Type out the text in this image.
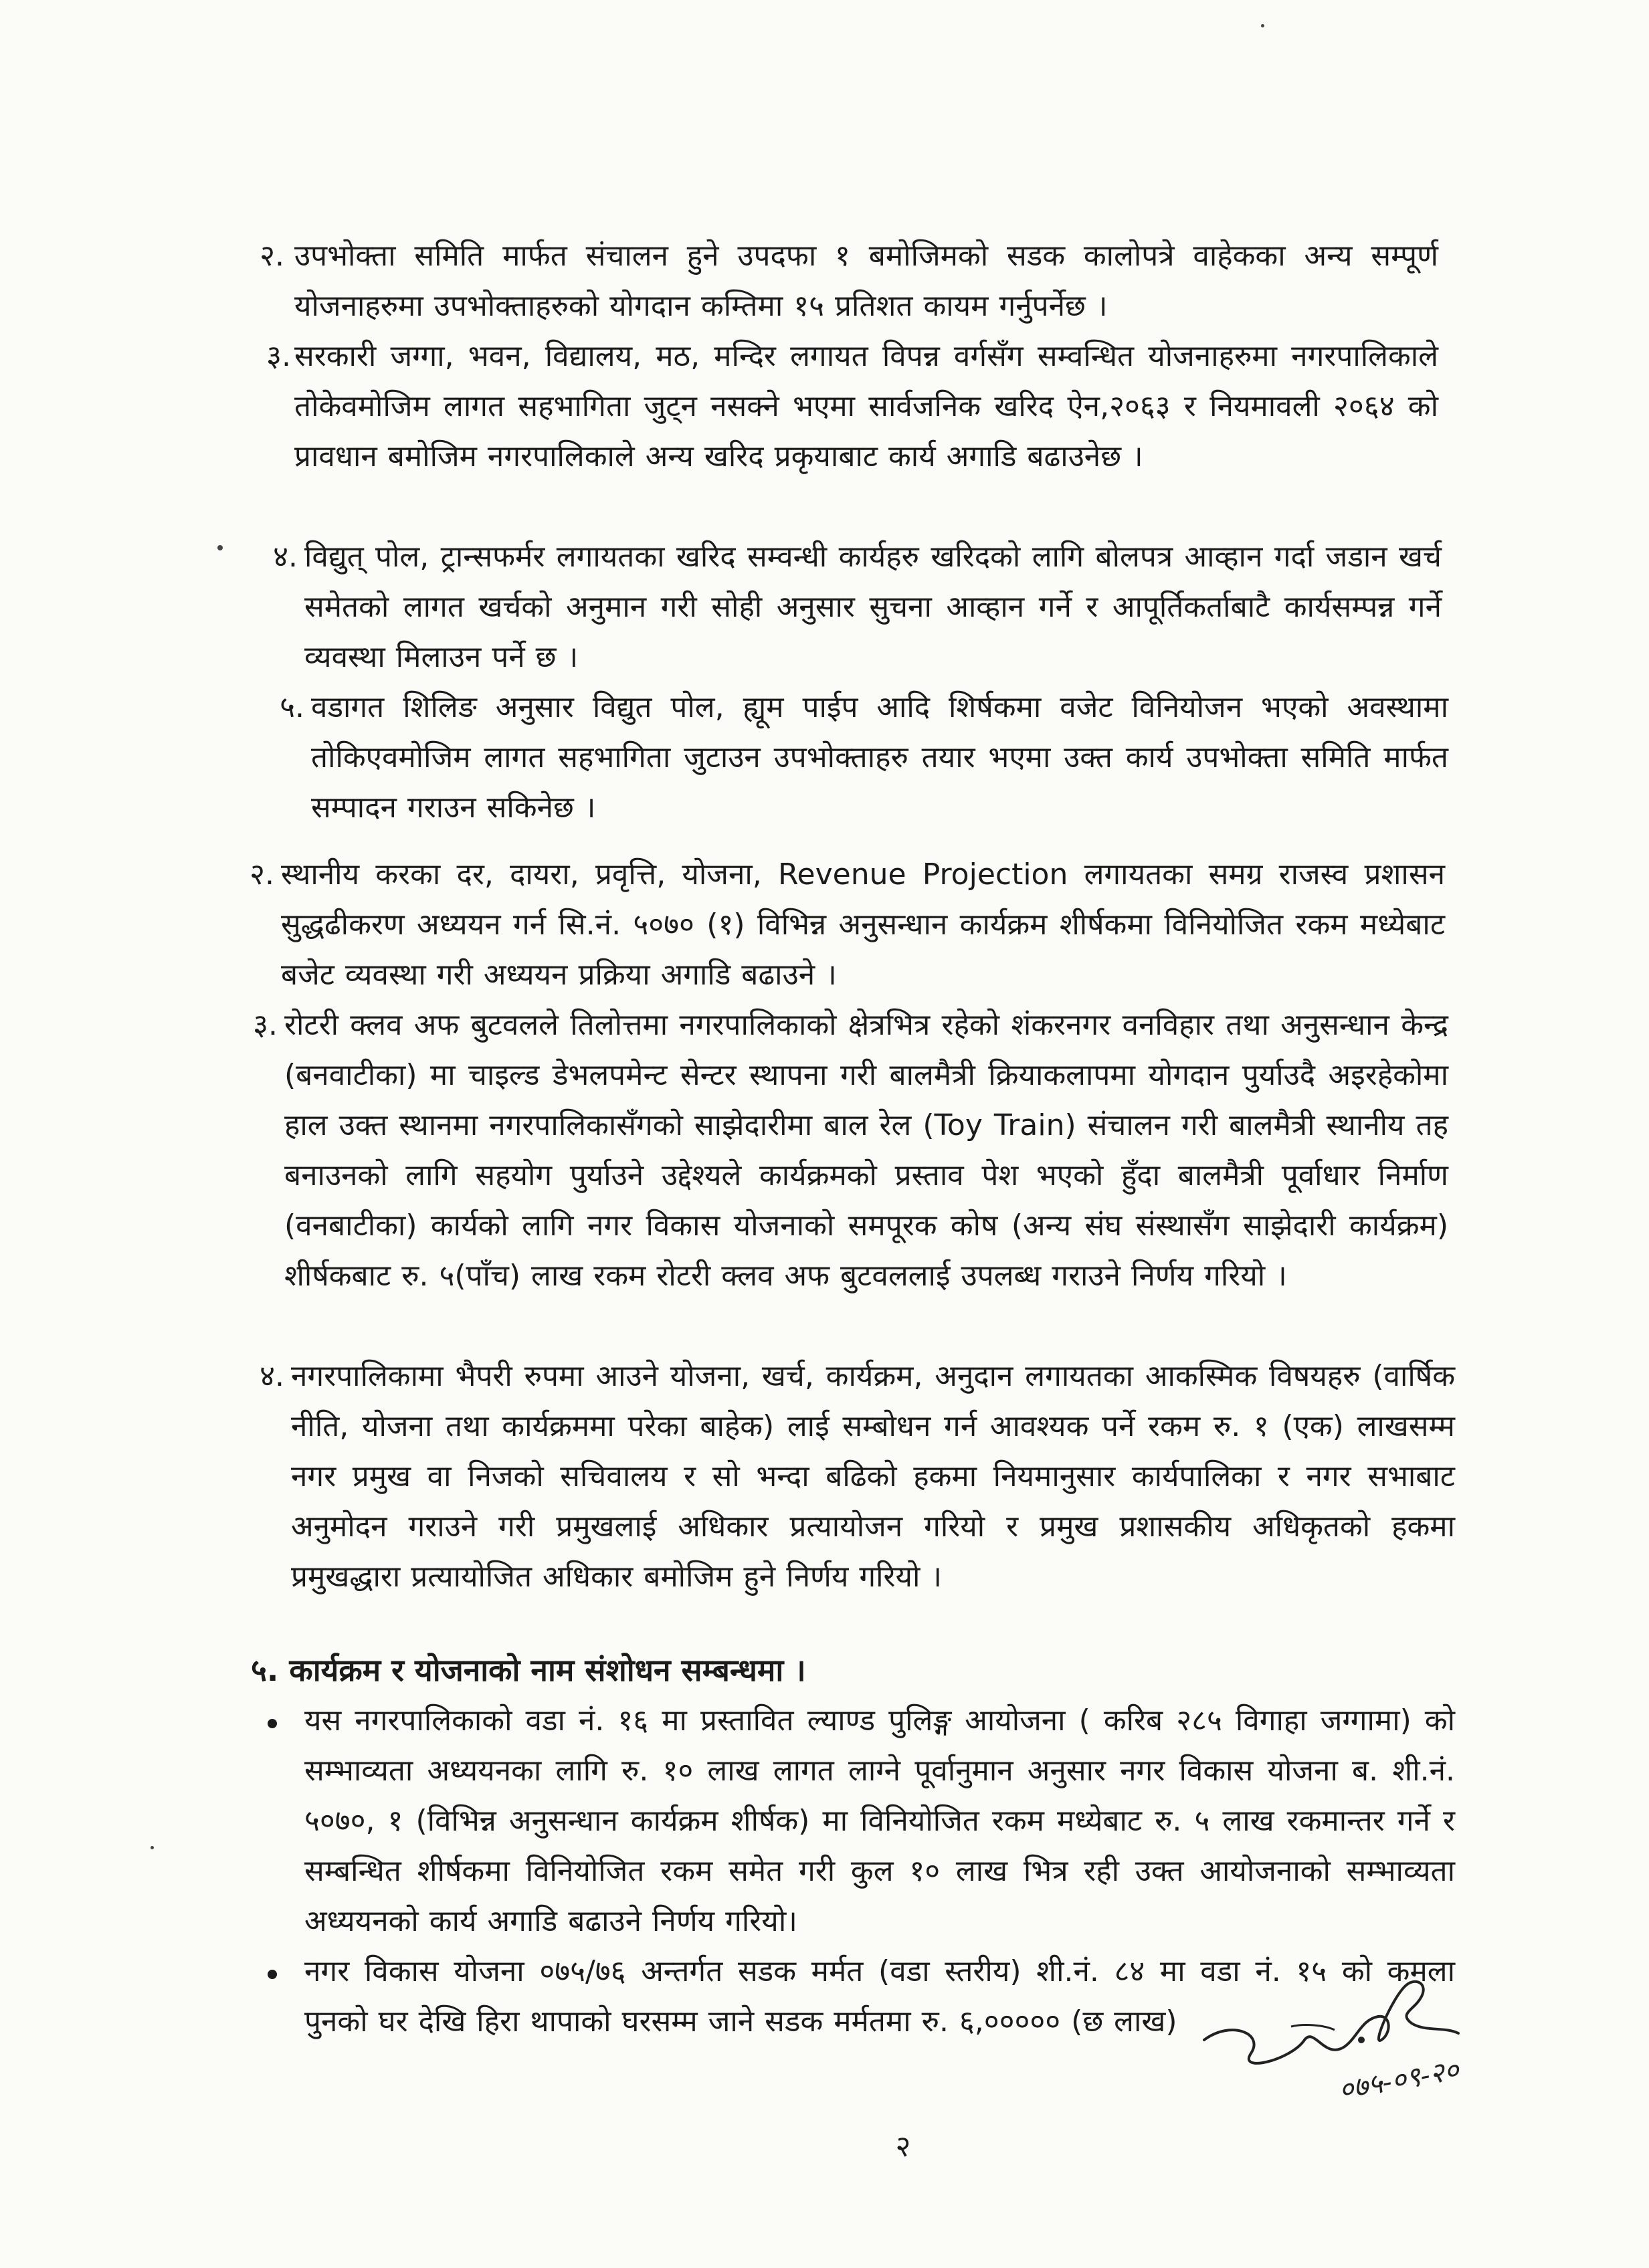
२. उपभोक्ता समिति मार्फत संचालन हुने उपदफा १ बमोजिमको सडक कालोपत्रे वाहेकका अन्य सम्पूर्ण योजनाहरुमा उपभोक्ताहरुको योगदान कम्तिमा १५ प्रतिशत कायम गर्नुपर्नेछ ।
३. सरकारी जग्गा, भवन, विद्यालय, मठ, मन्दिर लगायत विपन्न वर्गसँग सम्वन्धित योजनाहरुमा नगरपालिकाले तोकेवमोजिम लागत सहभागिता जुट्न नसक्ने भएमा सार्वजनिक खरिद ऐन,२०६३ र नियमावली २०६४ को प्रावधान बमोजिम नगरपालिकाले अन्य खरिद प्रकृयाबाट कार्य अगाडि बढाउनेछ ।
४. विद्युत् पोल, ट्रान्सफर्मर लगायतका खरिद सम्वन्धी कार्यहरु खरिदको लागि बोलपत्र आव्हान गर्दा जडान खर्च समेतको लागत खर्चको अनुमान गरी सोही अनुसार सुचना आव्हान गर्ने र आपूर्तिकर्ताबाटै कार्यसम्पन्न गर्ने व्यवस्था मिलाउन पर्ने छ ।
५. वडागत शिलिङ अनुसार विद्युत पोल, ह्यूम पाईप आदि शिर्षकमा वजेट विनियोजन भएको अवस्थामा तोकिएवमोजिम लागत सहभागिता जुटाउन उपभोक्ताहरु तयार भएमा उक्त कार्य उपभोक्ता समिति मार्फत सम्पादन गराउन सकिनेछ ।
२. स्थानीय करका दर, दायरा, प्रवृत्ति, योजना, Revenue Projection लगायतका समग्र राजस्व प्रशासन सुद्धढीकरण अध्ययन गर्न सि.नं. ५०७० (१) विभिन्न अनुसन्धान कार्यक्रम शीर्षकमा विनियोजित रकम मध्येबाट बजेट व्यवस्था गरी अध्ययन प्रक्रिया अगाडि बढाउने ।
३. रोटरी क्लव अफ बुटवलले तिलोत्तमा नगरपालिकाको क्षेत्रभित्र रहेको शंकरनगर वनविहार तथा अनुसन्धान केन्द्र (बनवाटीका) मा चाइल्ड डेभलपमेन्ट सेन्टर स्थापना गरी बालमैत्री क्रियाकलापमा योगदान पुर्याउदै अइरहेकोमा हाल उक्त स्थानमा नगरपालिकासँगको साझेदारीमा बाल रेल (Toy Train) संचालन गरी बालमैत्री स्थानीय तह बनाउनको लागि सहयोग पुर्याउने उद्देश्यले कार्यक्रमको प्रस्ताव पेश भएको हुँदा बालमैत्री पूर्वाधार निर्माण (वनबाटीका) कार्यको लागि नगर विकास योजनाको समपूरक कोष (अन्य संघ संस्थासँग साझेदारी कार्यक्रम) शीर्षकबाट रु. ५(पाँच) लाख रकम रोटरी क्लव अफ बुटवललाई उपलब्ध गराउने निर्णय गरियो ।
४. नगरपालिकामा भैपरी रुपमा आउने योजना, खर्च, कार्यक्रम, अनुदान लगायतका आकस्मिक विषयहरु (वार्षिक नीति, योजना तथा कार्यक्रममा परेका बाहेक) लाई सम्बोधन गर्न आवश्यक पर्ने रकम रु. १ (एक) लाखसम्म नगर प्रमुख वा निजको सचिवालय र सो भन्दा बढिको हकमा नियमानुसार कार्यपालिका र नगर सभाबाट अनुमोदन गराउने गरी प्रमुखलाई अधिकार प्रत्यायोजन गरियो र प्रमुख प्रशासकीय अधिकृतको हकमा प्रमुखद्धारा प्रत्यायोजित अधिकार बमोजिम हुने निर्णय गरियो ।
५. कार्यक्रम र योजनाको नाम संशोधन सम्बन्धमा ।
यस नगरपालिकाको वडा नं. १६ मा प्रस्तावित ल्याण्ड पुलिङ्ग आयोजना ( करिब २८५ विगाहा जग्गामा) को सम्भाव्यता अध्ययनका लागि रु. १० लाख लागत लाग्ने पूर्वानुमान अनुसार नगर विकास योजना ब. शी.नं. ५०७०, १ (विभिन्न अनुसन्धान कार्यक्रम शीर्षक) मा विनियोजित रकम मध्येबाट रु. ५ लाख रकमान्तर गर्ने र सम्बन्धित शीर्षकमा विनियोजित रकम समेत गरी कुल १० लाख भित्र रही उक्त आयोजनाको सम्भाव्यता अध्ययनको कार्य अगाडि बढाउने निर्णय गरियो।
नगर विकास योजना ०७५/७६ अन्तर्गत सडक मर्मत (वडा स्तरीय) शी.नं. ८४ मा वडा नं. १५ को कमला पुनको घर देखि हिरा थापाको घरसम्म जाने सडक मर्मतमा रु. ६,००००० (छ लाख)
०७५-०९-२०
२
